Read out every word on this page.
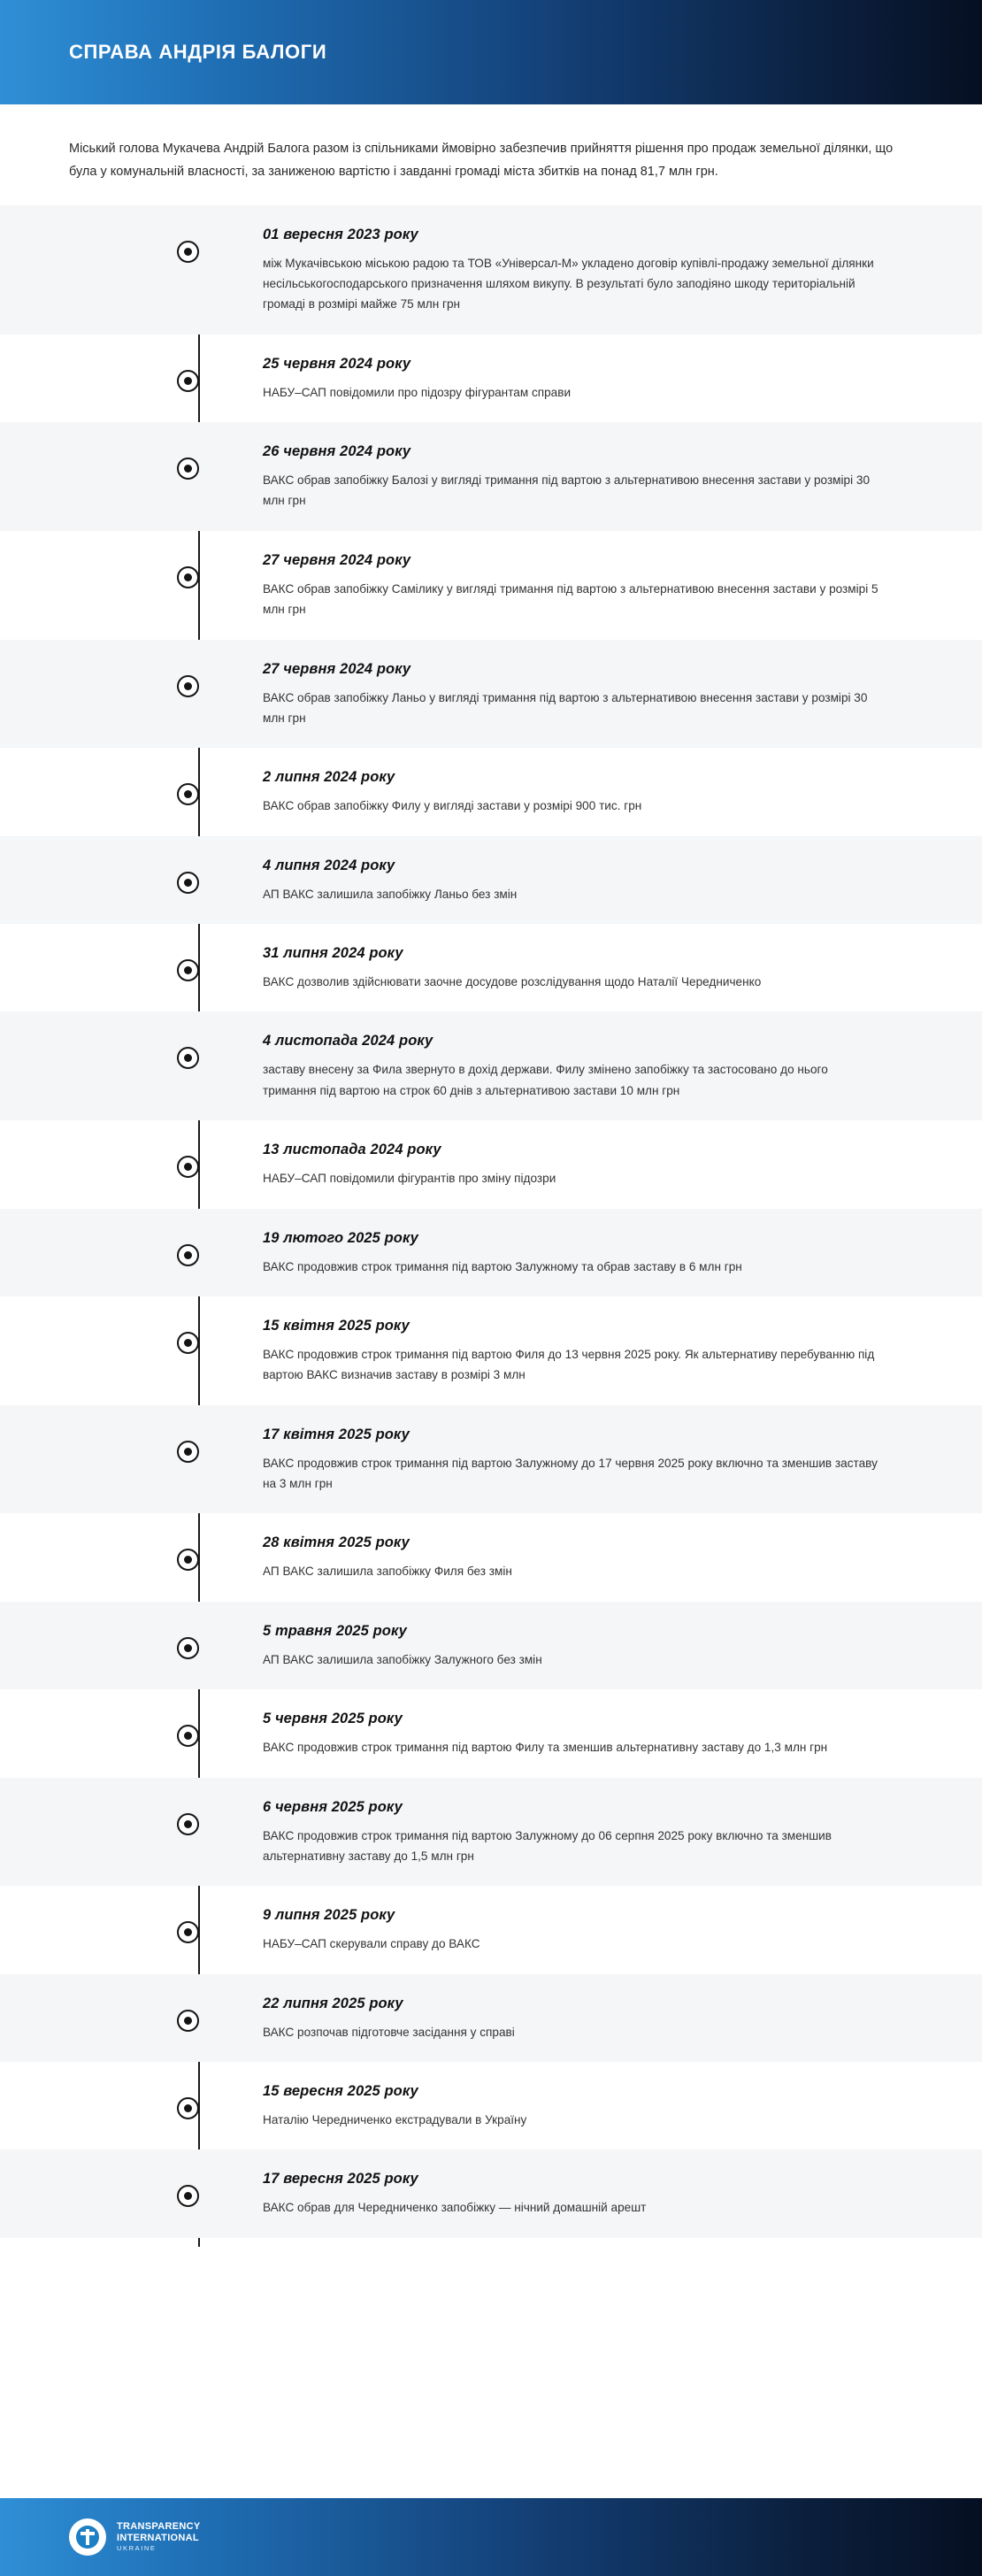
СПРАВА АНДРІЯ БАЛОГИ

Міський голова Мукачева Андрій Балога разом із спільниками ймовірно забезпечив прийняття рішення про продаж земельної ділянки, що була у комунальній власності, за заниженою вартістю і завданні громаді міста збитків на понад 81,7 млн грн.

01 вересня 2023 року
між Мукачівською міською радою та ТОВ «Універсал-М» укладено договір купівлі-продажу земельної ділянки несільськогосподарського призначення шляхом викупу. В результаті було заподіяно шкоду територіальній громаді в розмірі майже 75 млн грн
25 червня 2024 року
НАБУ–САП повідомили про підозру фігурантам справи
26 червня 2024 року
ВАКС обрав запобіжку Балозі у вигляді тримання під вартою з альтернативою внесення застави у розмірі 30 млн грн
27 червня 2024 року
ВАКС обрав запобіжку Самілику у вигляді тримання під вартою з альтернативою внесення застави у розмірі 5 млн грн
27 червня 2024 року
ВАКС обрав запобіжку Ланьо у вигляді тримання під вартою з альтернативою внесення застави у розмірі 30 млн грн
2 липня 2024 року
ВАКС обрав запобіжку Филу у вигляді застави у розмірі 900 тис. грн
4 липня 2024 року
АП ВАКС залишила запобіжку Ланьо без змін
31 липня 2024 року
ВАКС дозволив здійснювати заочне досудове розслідування щодо Наталії Чередниченко
4 листопада 2024 року
заставу внесену за Фила звернуто в дохід держави. Филу змінено запобіжку та застосовано до нього тримання під вартою на строк 60 днів з альтернативою застави 10 млн грн
13 листопада 2024 року
НАБУ–САП повідомили фігурантів про зміну підозри
19 лютого 2025 року
ВАКС продовжив строк тримання під вартою Залужному та обрав заставу в 6 млн грн
15 квітня 2025 року
ВАКС продовжив строк тримання під вартою Филя до 13 червня 2025 року. Як альтернативу перебуванню під вартою ВАКС визначив заставу в розмірі 3 млн
17 квітня 2025 року
ВАКС продовжив строк тримання під вартою Залужному до 17 червня 2025 року включно та зменшив заставу на 3 млн грн
28 квітня 2025 року
АП ВАКС залишила запобіжку Филя без змін
5 травня 2025 року
АП ВАКС залишила запобіжку Залужного без змін
5 червня 2025 року
ВАКС продовжив строк тримання під вартою Филу та зменшив альтернативну заставу до 1,3 млн грн
6 червня 2025 року
ВАКС продовжив строк тримання під вартою Залужному до 06 серпня 2025 року включно та зменшив альтернативну заставу до 1,5 млн грн
9 липня 2025 року
НАБУ–САП скерували справу до ВАКС
22 липня 2025 року
ВАКС розпочав підготовче засідання у справі
15 вересня 2025 року
Наталію Чередниченко екстрадували в Україну
17 вересня 2025 року
ВАКС обрав для Чередниченко запобіжку — нічний домашній арешт
TRANSPARENCY
INTERNATIONAL
UKRAINE
